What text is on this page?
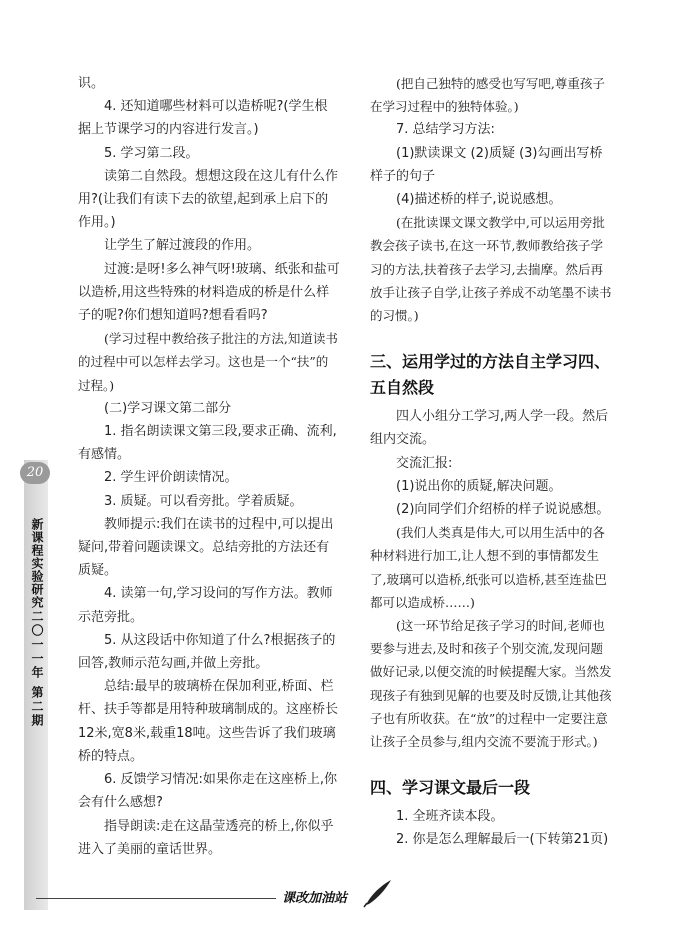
20
新课程实验研究
二〇一一年 第二期

识。

4. 还知道哪些材料可以造桥呢?(学生根据上节课学习的内容进行发言。)

5. 学习第二段。

读第二自然段。想想这段在这儿有什么作用?(让我们有读下去的欲望,起到承上启下的作用。)

让学生了解过渡段的作用。

过渡:是呀!多么神气呀!玻璃、纸张和盐可以造桥,用这些特殊的材料造成的桥是什么样子的呢?你们想知道吗?想看看吗?

(学习过程中教给孩子批注的方法,知道读书的过程中可以怎样去学习。这也是一个“扶”的过程。)

(二)学习课文第二部分

1. 指名朗读课文第三段,要求正确、流利,有感情。

2. 学生评价朗读情况。

3. 质疑。可以看旁批。学着质疑。

教师提示:我们在读书的过程中,可以提出疑问,带着问题读课文。总结旁批的方法还有质疑。

4. 读第一句,学习设问的写作方法。教师示范旁批。

5. 从这段话中你知道了什么?根据孩子的回答,教师示范勾画,并做上旁批。

总结:最早的玻璃桥在保加利亚,桥面、栏杆、扶手等都是用特种玻璃制成的。这座桥长12米,宽8米,载重18吨。这些告诉了我们玻璃桥的特点。

6. 反馈学习情况:如果你走在这座桥上,你会有什么感想?

指导朗读:走在这晶莹透亮的桥上,你似乎进入了美丽的童话世界。

(把自己独特的感受也写写吧,尊重孩子在学习过程中的独特体验。)

7. 总结学习方法:

(1)默读课文 (2)质疑 (3)勾画出写桥样子的句子

(4)描述桥的样子,说说感想。

(在批读课文课文教学中,可以运用旁批教会孩子读书,在这一环节,教师教给孩子学习的方法,扶着孩子去学习,去揣摩。然后再放手让孩子自学,让孩子养成不动笔墨不读书的习惯。)

三、运用学过的方法自主学习四、五自然段

四人小组分工学习,两人学一段。然后组内交流。

交流汇报:

(1)说出你的质疑,解决问题。

(2)向同学们介绍桥的样子说说感想。

(我们人类真是伟大,可以用生活中的各种材料进行加工,让人想不到的事情都发生了,玻璃可以造桥,纸张可以造桥,甚至连盐巴都可以造成桥……)

(这一环节给足孩子学习的时间,老师也要参与进去,及时和孩子个别交流,发现问题做好记录,以便交流的时候提醒大家。当然发现孩子有独到见解的也要及时反馈,让其他孩子也有所收获。在“放”的过程中一定要注意让孩子全员参与,组内交流不要流于形式。)

四、学习课文最后一段

1. 全班齐读本段。

2. 你是怎么理解最后一(下转第21页)

课改加油站
